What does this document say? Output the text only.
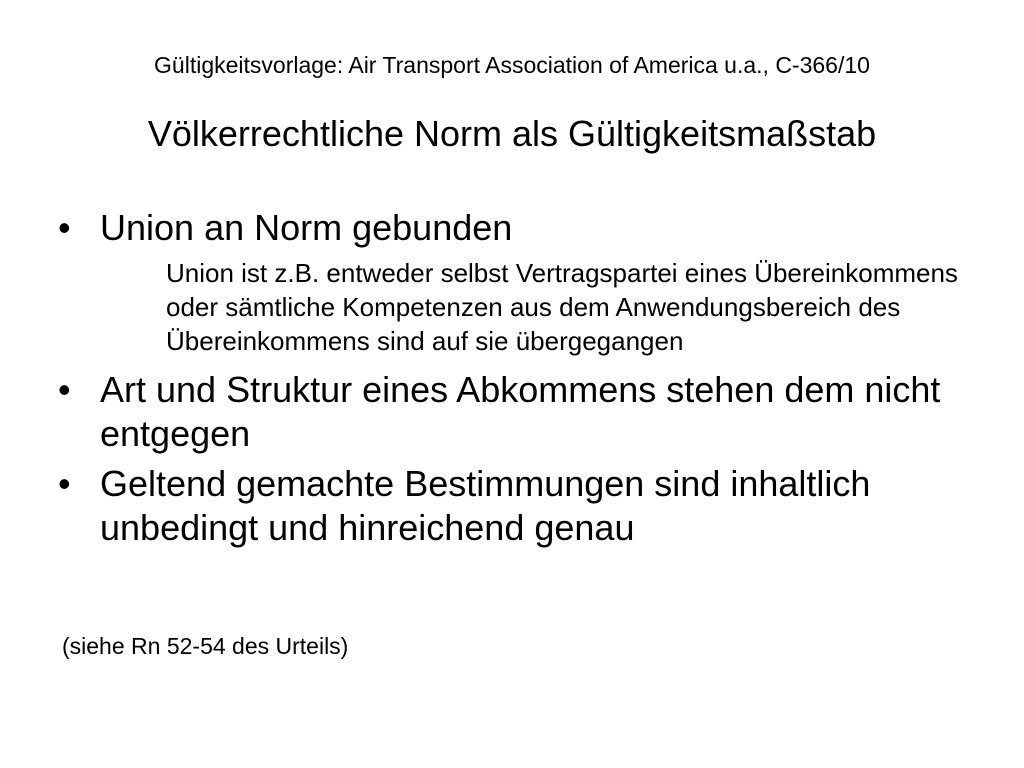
Gültigkeitsvorlage: Air Transport Association of America u.a., C-366/10
Völkerrechtliche Norm als Gültigkeitsmaßstab
• Union an Norm gebunden
Union ist z.B. entweder selbst Vertragspartei eines Übereinkommens oder sämtliche Kompetenzen aus dem Anwendungsbereich des Übereinkommens sind auf sie übergegangen
• Art und Struktur eines Abkommens stehen dem nicht entgegen
• Geltend gemachte Bestimmungen sind inhaltlich unbedingt und hinreichend genau
(siehe Rn 52-54 des Urteils)
